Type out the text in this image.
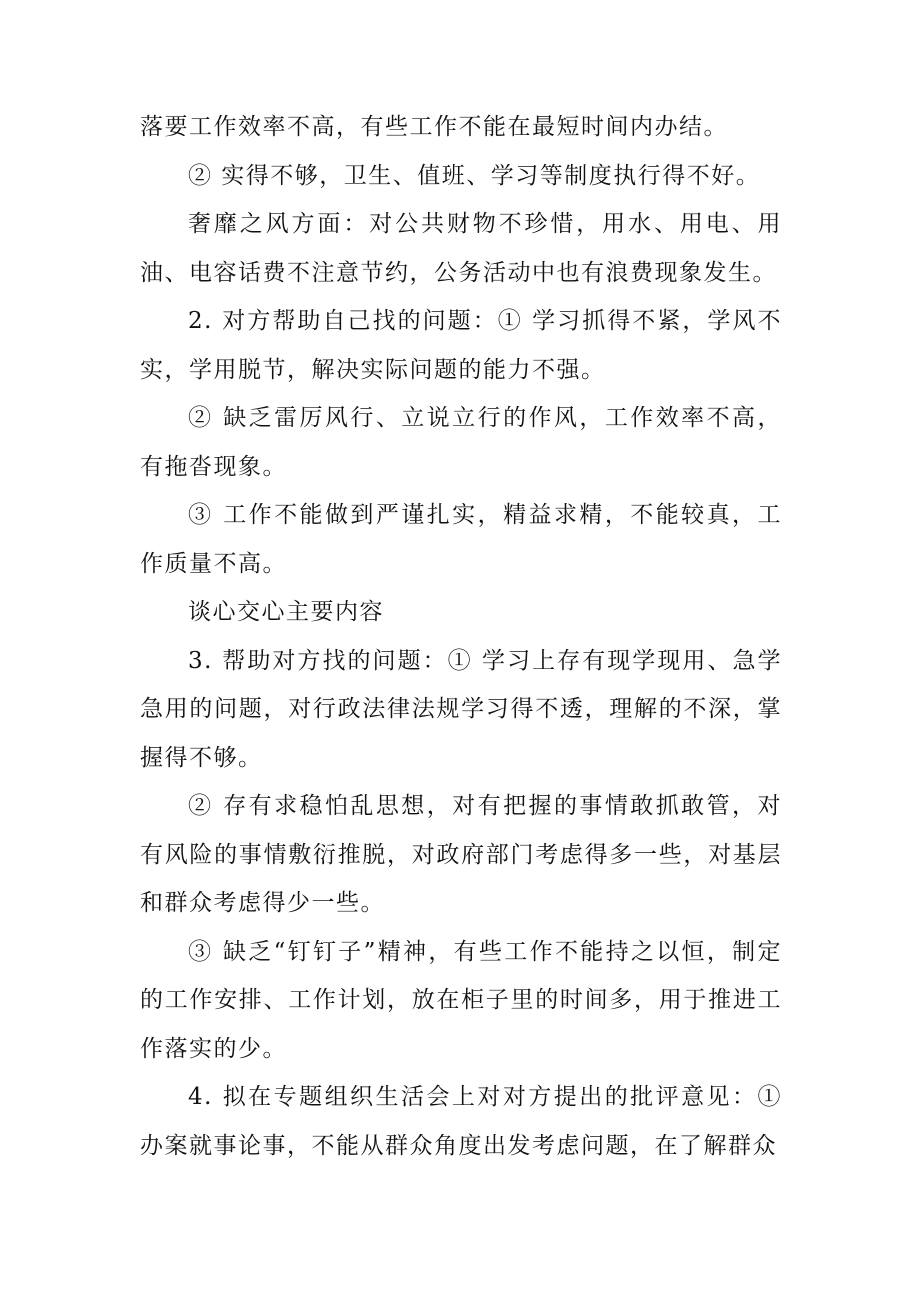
落要工作效率不高，有些工作不能在最短时间内办结。

② 实得不够，卫生、值班、学习等制度执行得不好。

奢靡之风方面：对公共财物不珍惜，用水、用电、用油、电容话费不注意节约，公务活动中也有浪费现象发生。

2. 对方帮助自己找的问题：① 学习抓得不紧，学风不实，学用脱节，解决实际问题的能力不强。

② 缺乏雷厉风行、立说立行的作风，工作效率不高，有拖沓现象。

③ 工作不能做到严谨扎实，精益求精，不能较真，工作质量不高。

谈心交心主要内容

3. 帮助对方找的问题：① 学习上存有现学现用、急学急用的问题，对行政法律法规学习得不透，理解的不深，掌握得不够。

② 存有求稳怕乱思想，对有把握的事情敢抓敢管，对有风险的事情敷衍推脱，对政府部门考虑得多一些，对基层和群众考虑得少一些。

③ 缺乏“钉钉子”精神，有些工作不能持之以恒，制定的工作安排、工作计划，放在柜子里的时间多，用于推进工作落实的少。

4. 拟在专题组织生活会上对对方提出的批评意见：① 办案就事论事，不能从群众角度出发考虑问题，在了解群众
